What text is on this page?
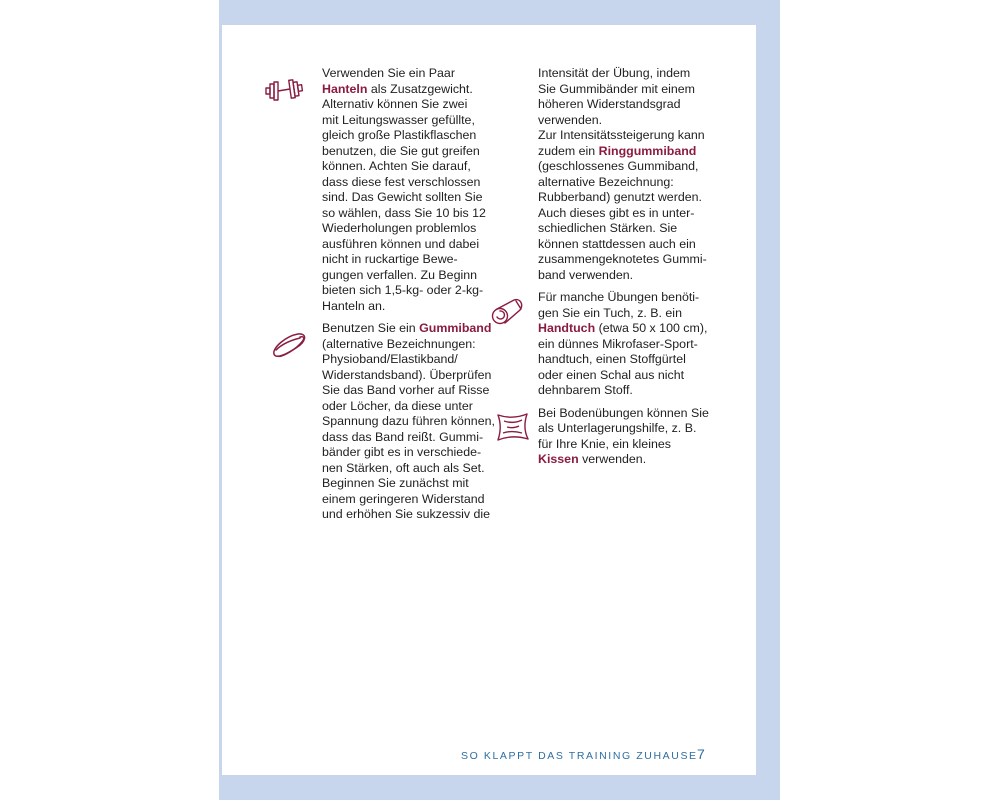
Verwenden Sie ein Paar
Hanteln als Zusatzgewicht.
Alternativ können Sie zwei
mit Leitungswasser gefüllte,
gleich große Plastikflaschen
benutzen, die Sie gut greifen
können. Achten Sie darauf,
dass diese fest verschlossen
sind. Das Gewicht sollten Sie
so wählen, dass Sie 10 bis 12
Wiederholungen problemlos
ausführen können und dabei
nicht in ruckartige Bewe-
gungen verfallen. Zu Beginn
bieten sich 1,5-kg- oder 2-kg-
Hanteln an.

Benutzen Sie ein Gummiband
(alternative Bezeichnungen:
Physioband/Elastikband/
Widerstandsband). Überprüfen
Sie das Band vorher auf Risse
oder Löcher, da diese unter
Spannung dazu führen können,
dass das Band reißt. Gummi-
bänder gibt es in verschiede-
nen Stärken, oft auch als Set.
Beginnen Sie zunächst mit
einem geringeren Widerstand
und erhöhen Sie sukzessiv die

Intensität der Übung, indem
Sie Gummibänder mit einem
höheren Widerstandsgrad
verwenden.
Zur Intensitätssteigerung kann
zudem ein Ringgummiband
(geschlossenes Gummiband,
alternative Bezeichnung:
Rubberband) genutzt werden.
Auch dieses gibt es in unter-
schiedlichen Stärken. Sie
können stattdessen auch ein
zusammengeknotetes Gummi-
band verwenden.

Für manche Übungen benöti-
gen Sie ein Tuch, z. B. ein
Handtuch (etwa 50 x 100 cm),
ein dünnes Mikrofaser-Sport-
handtuch, einen Stoffgürtel
oder einen Schal aus nicht
dehnbarem Stoff.

Bei Bodenübungen können Sie
als Unterlagerungshilfe, z. B.
für Ihre Knie, ein kleines
Kissen verwenden.

SO KLAPPT DAS TRAINING ZUHAUSE 7
